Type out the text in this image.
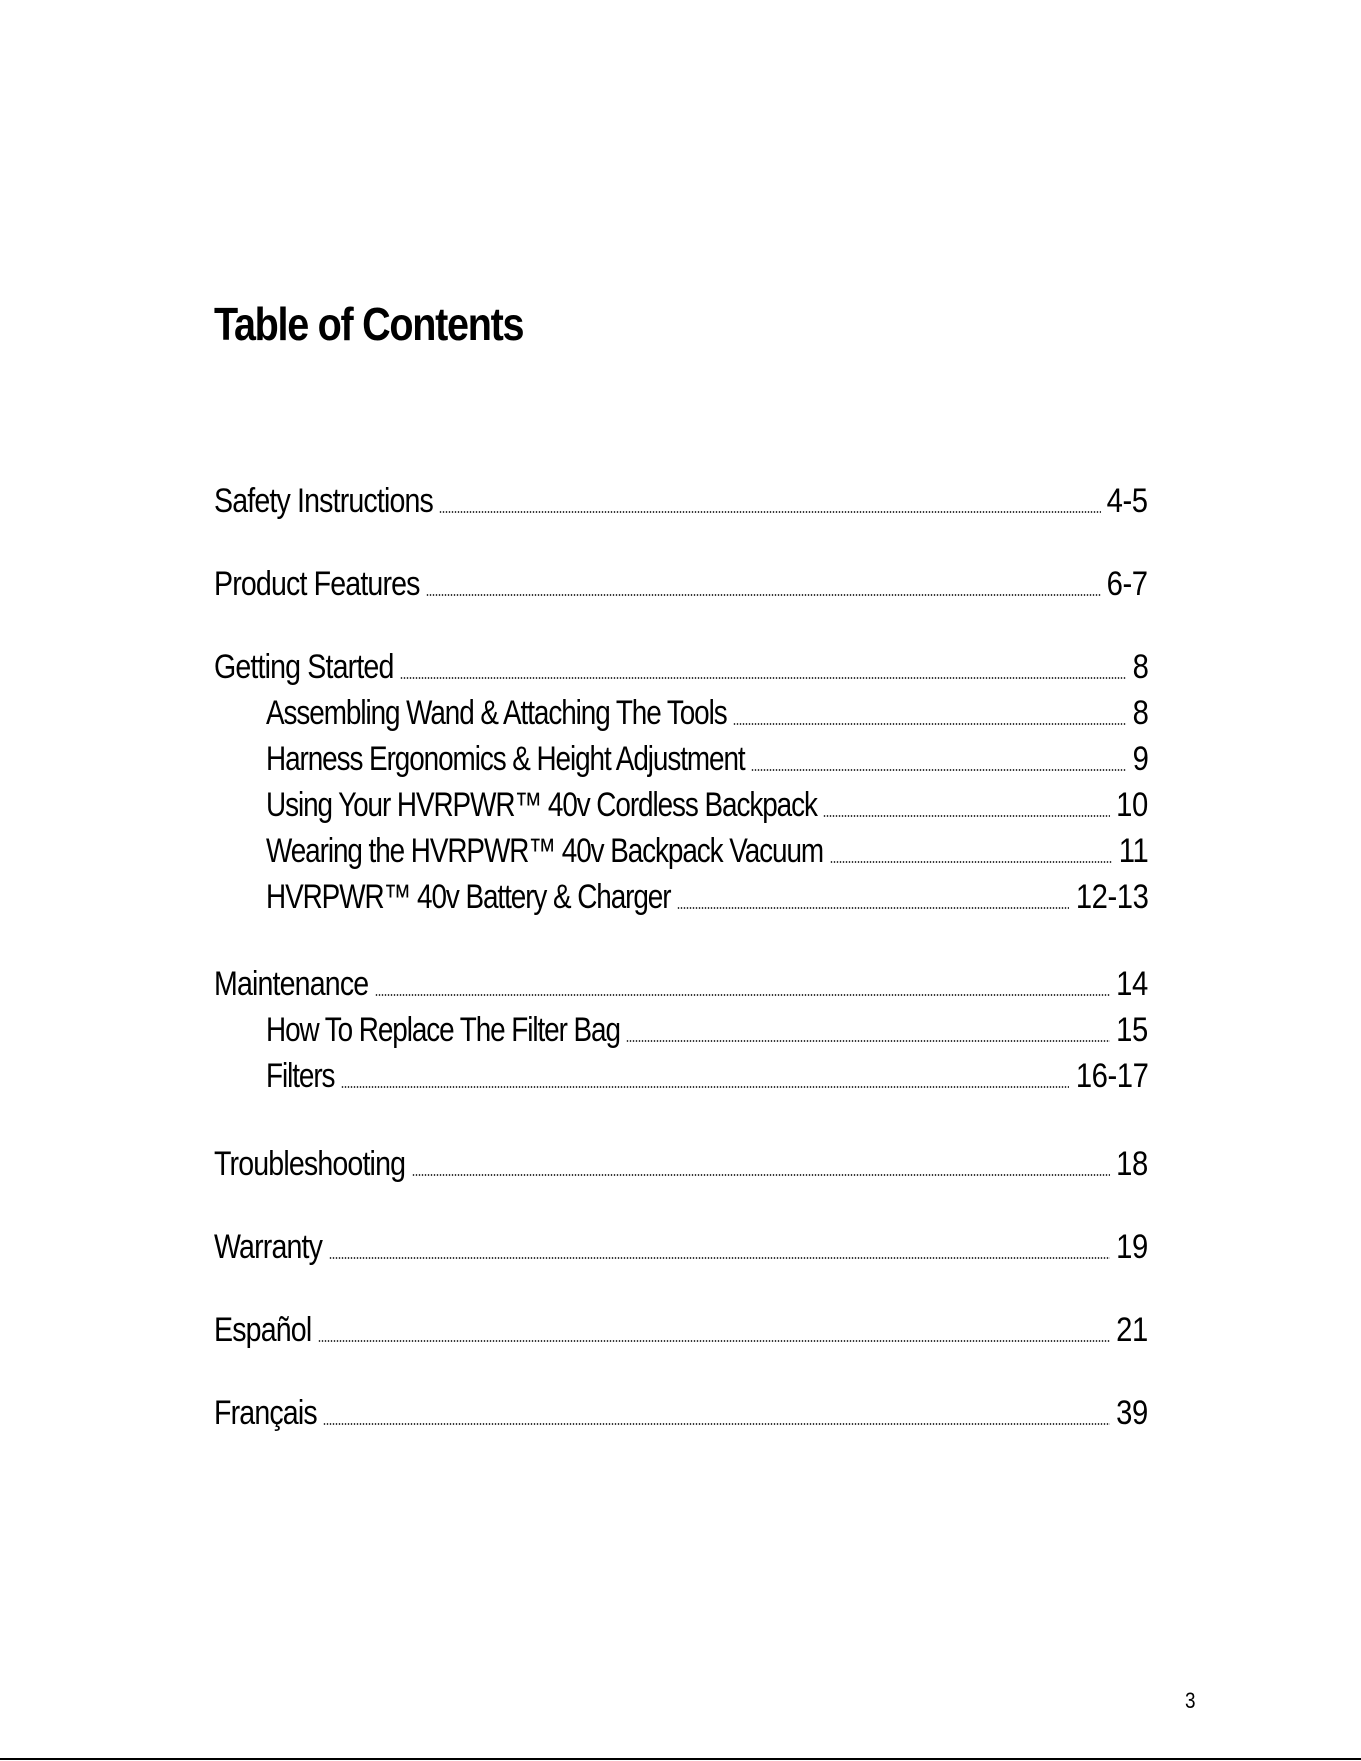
Table of Contents
Safety Instructions	4-5
Product Features	6-7
Getting Started	8
Assembling Wand & Attaching The Tools	8
Harness Ergonomics & Height Adjustment	9
Using Your HVRPWR™ 40v Cordless Backpack	10
Wearing the HVRPWR™ 40v Backpack Vacuum	11
HVRPWR™ 40v Battery & Charger	12-13
Maintenance	14
How To Replace The Filter Bag	15
Filters	16-17
Troubleshooting	18
Warranty	19
Español	21
Français	39
3
